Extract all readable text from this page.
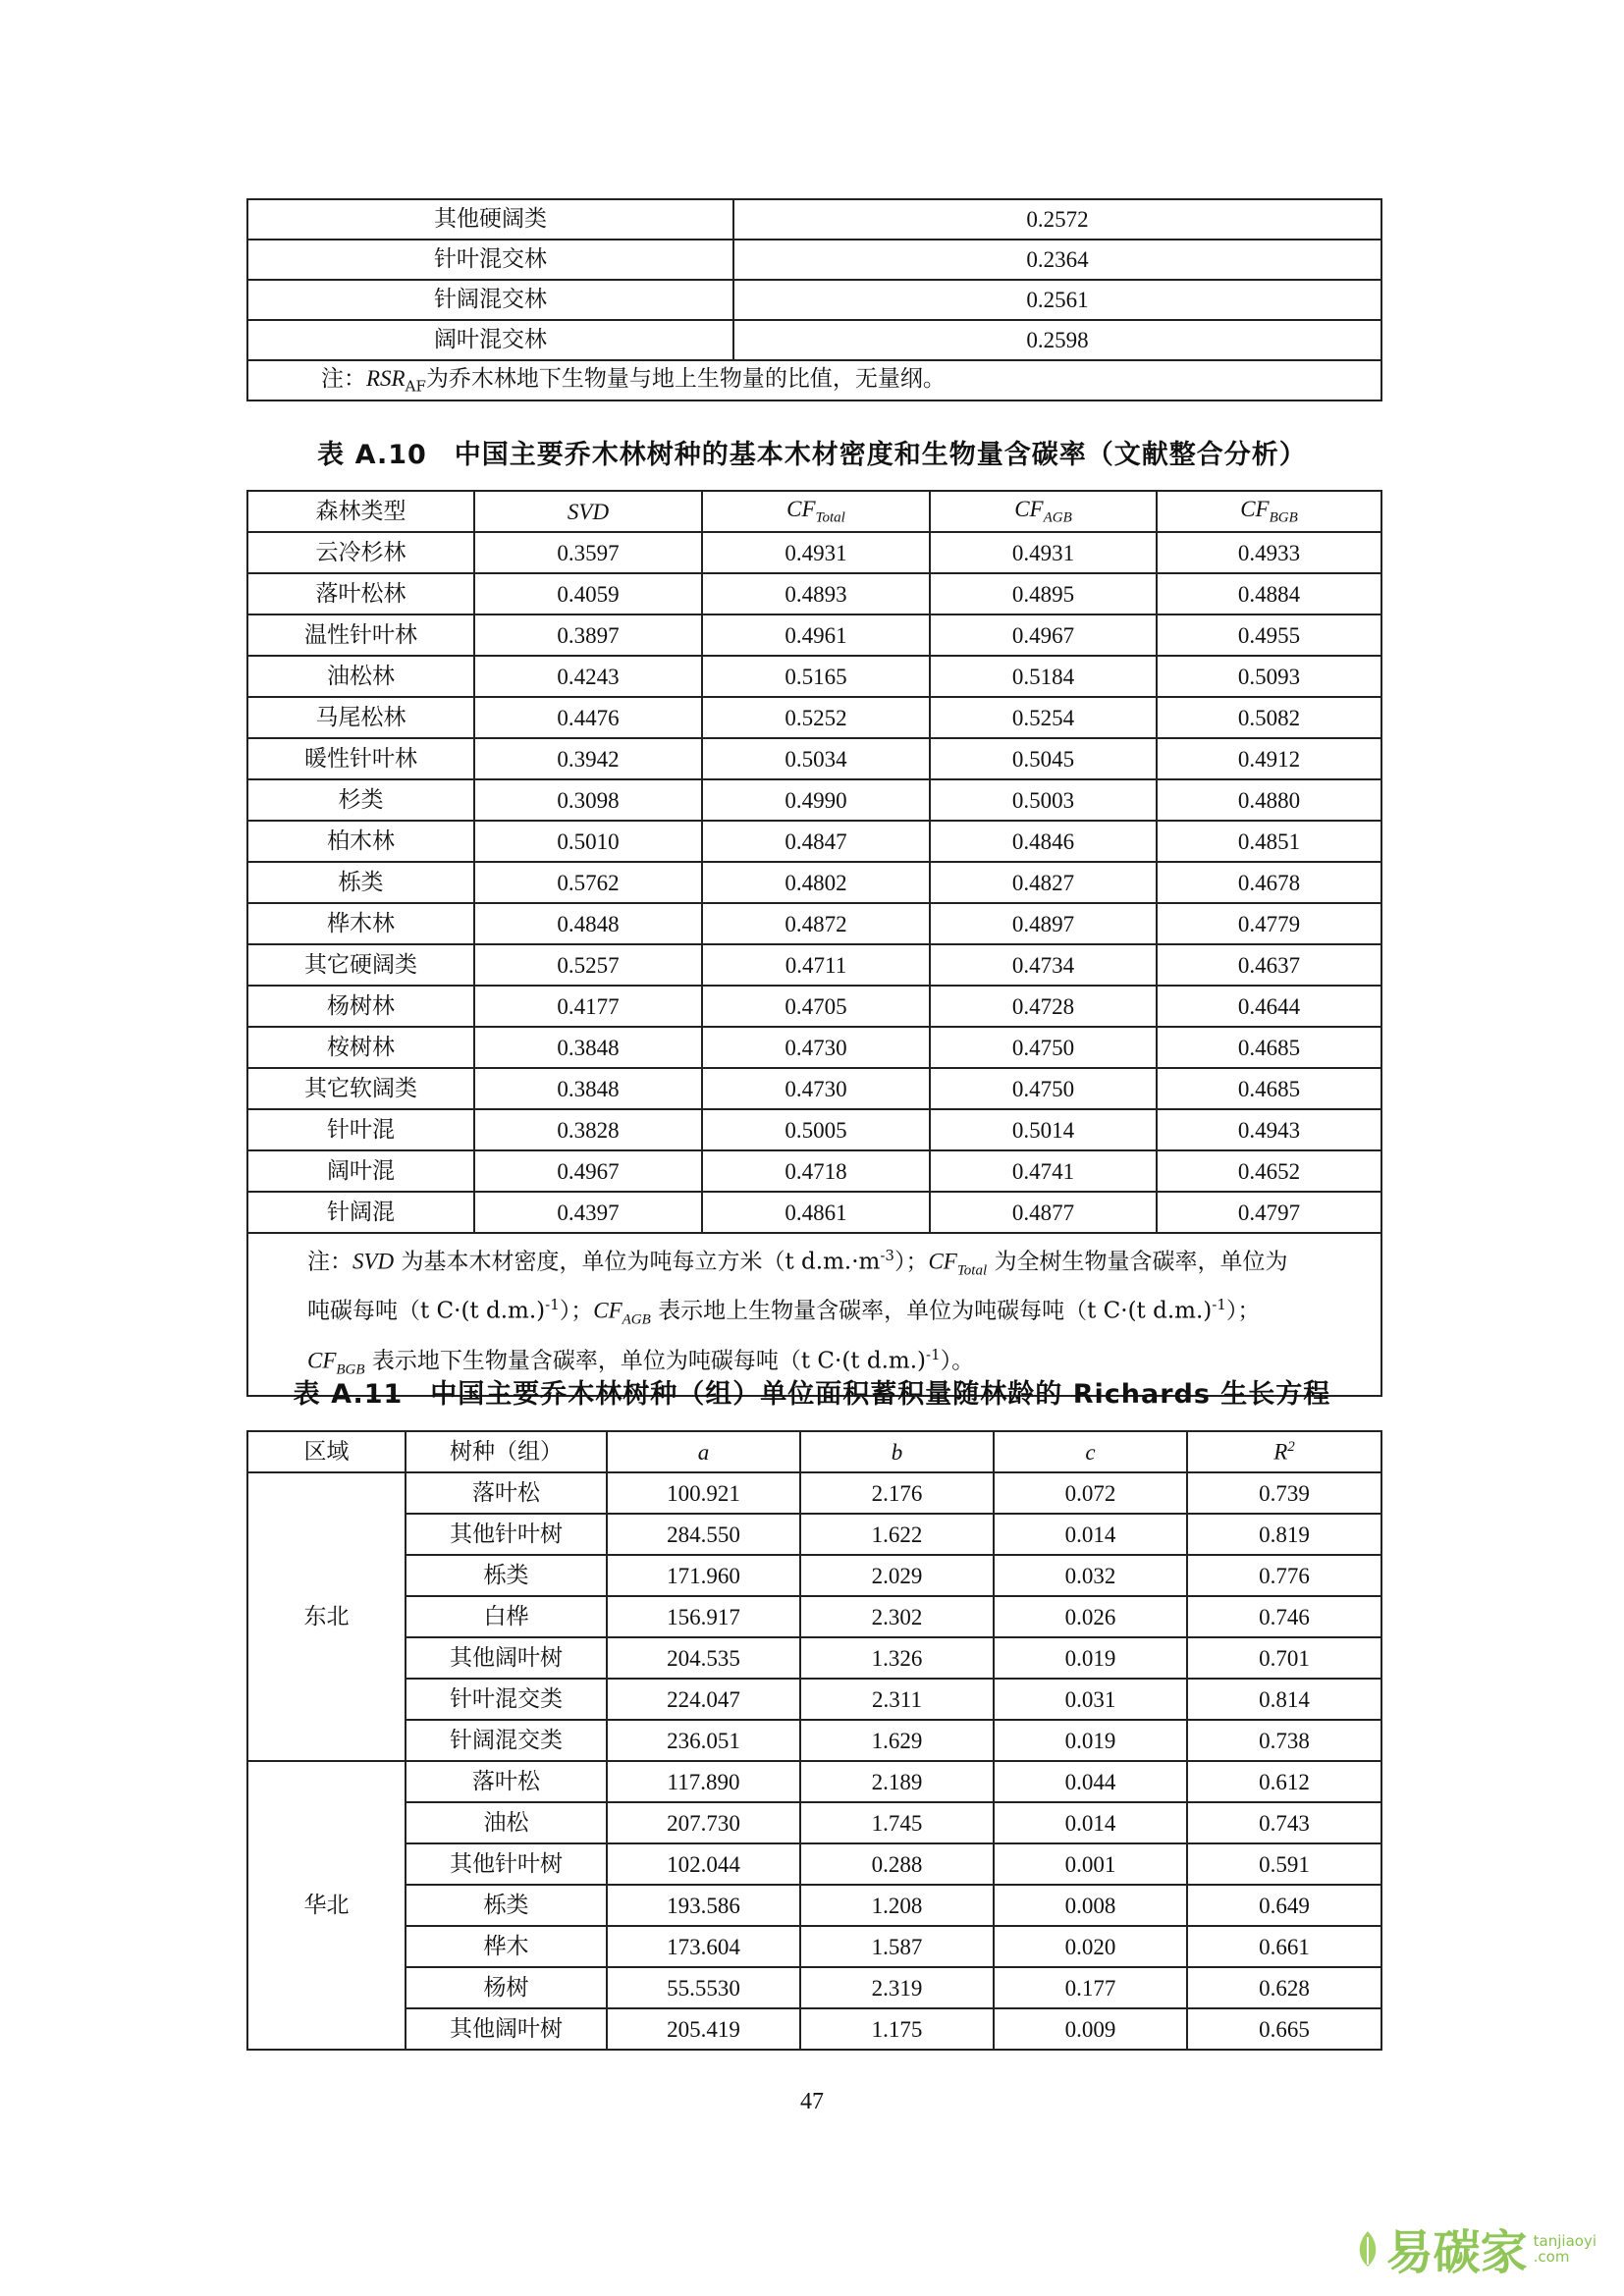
其他硬阔类	0.2572
针叶混交林	0.2364
针阔混交林	0.2561
阔叶混交林	0.2598
注：$RSR_{AF}$为乔木林地下生物量与地上生物量的比值，无量纲。	
表 A.10　中国主要乔木林树种的基本木材密度和生物量含碳率（文献整合分析）
森林类型	SVD	$CF_{Total}$	$CF_{AGB}$	$CF_{BGB}$
云冷杉林	0.3597	0.4931	0.4931	0.4933
落叶松林	0.4059	0.4893	0.4895	0.4884
温性针叶林	0.3897	0.4961	0.4967	0.4955
油松林	0.4243	0.5165	0.5184	0.5093
马尾松林	0.4476	0.5252	0.5254	0.5082
暖性针叶林	0.3942	0.5034	0.5045	0.4912
杉类	0.3098	0.4990	0.5003	0.4880
柏木林	0.5010	0.4847	0.4846	0.4851
栎类	0.5762	0.4802	0.4827	0.4678
桦木林	0.4848	0.4872	0.4897	0.4779
其它硬阔类	0.5257	0.4711	0.4734	0.4637
杨树林	0.4177	0.4705	0.4728	0.4644
桉树林	0.3848	0.4730	0.4750	0.4685
其它软阔类	0.3848	0.4730	0.4750	0.4685
针叶混	0.3828	0.5005	0.5014	0.4943
阔叶混	0.4967	0.4718	0.4741	0.4652
针阔混	0.4397	0.4861	0.4877	0.4797
注：SVD 为基本木材密度，单位为吨每立方米（t $d.m.\cdot m^{-3}$）；$CF_{Total}$ 为全树生物量含碳率，单位为
吨碳每吨（t C·(t d.m.)$^{-1}$）；$CF_{AGB}$ 表示地上生物量含碳率，单位为吨碳每吨（t C·(t d.m.)$^{-1}$）；
$CF_{BGB}$ 表示地下生物量含碳率，单位为吨碳每吨（t C·(t d.m.)$^{-1}$）。				
表 A.11　中国主要乔木林树种（组）单位面积蓄积量随林龄的 Richards 生长方程
区域	树种（组）	a	b	c	$R^2$
东北	落叶松	100.921	2.176	0.072	0.739
	其他针叶树	284.550	1.622	0.014	0.819
	栎类	171.960	2.029	0.032	0.776
	白桦	156.917	2.302	0.026	0.746
	其他阔叶树	204.535	1.326	0.019	0.701
	针叶混交类	224.047	2.311	0.031	0.814
	针阔混交类	236.051	1.629	0.019	0.738
华北	落叶松	117.890	2.189	0.044	0.612
	油松	207.730	1.745	0.014	0.743
	其他针叶树	102.044	0.288	0.001	0.591
	栎类	193.586	1.208	0.008	0.649
	桦木	173.604	1.587	0.020	0.661
	杨树	55.5530	2.319	0.177	0.628
	其他阔叶树	205.419	1.175	0.009	0.665
47
易碳家 tanjiaoyi
.com
